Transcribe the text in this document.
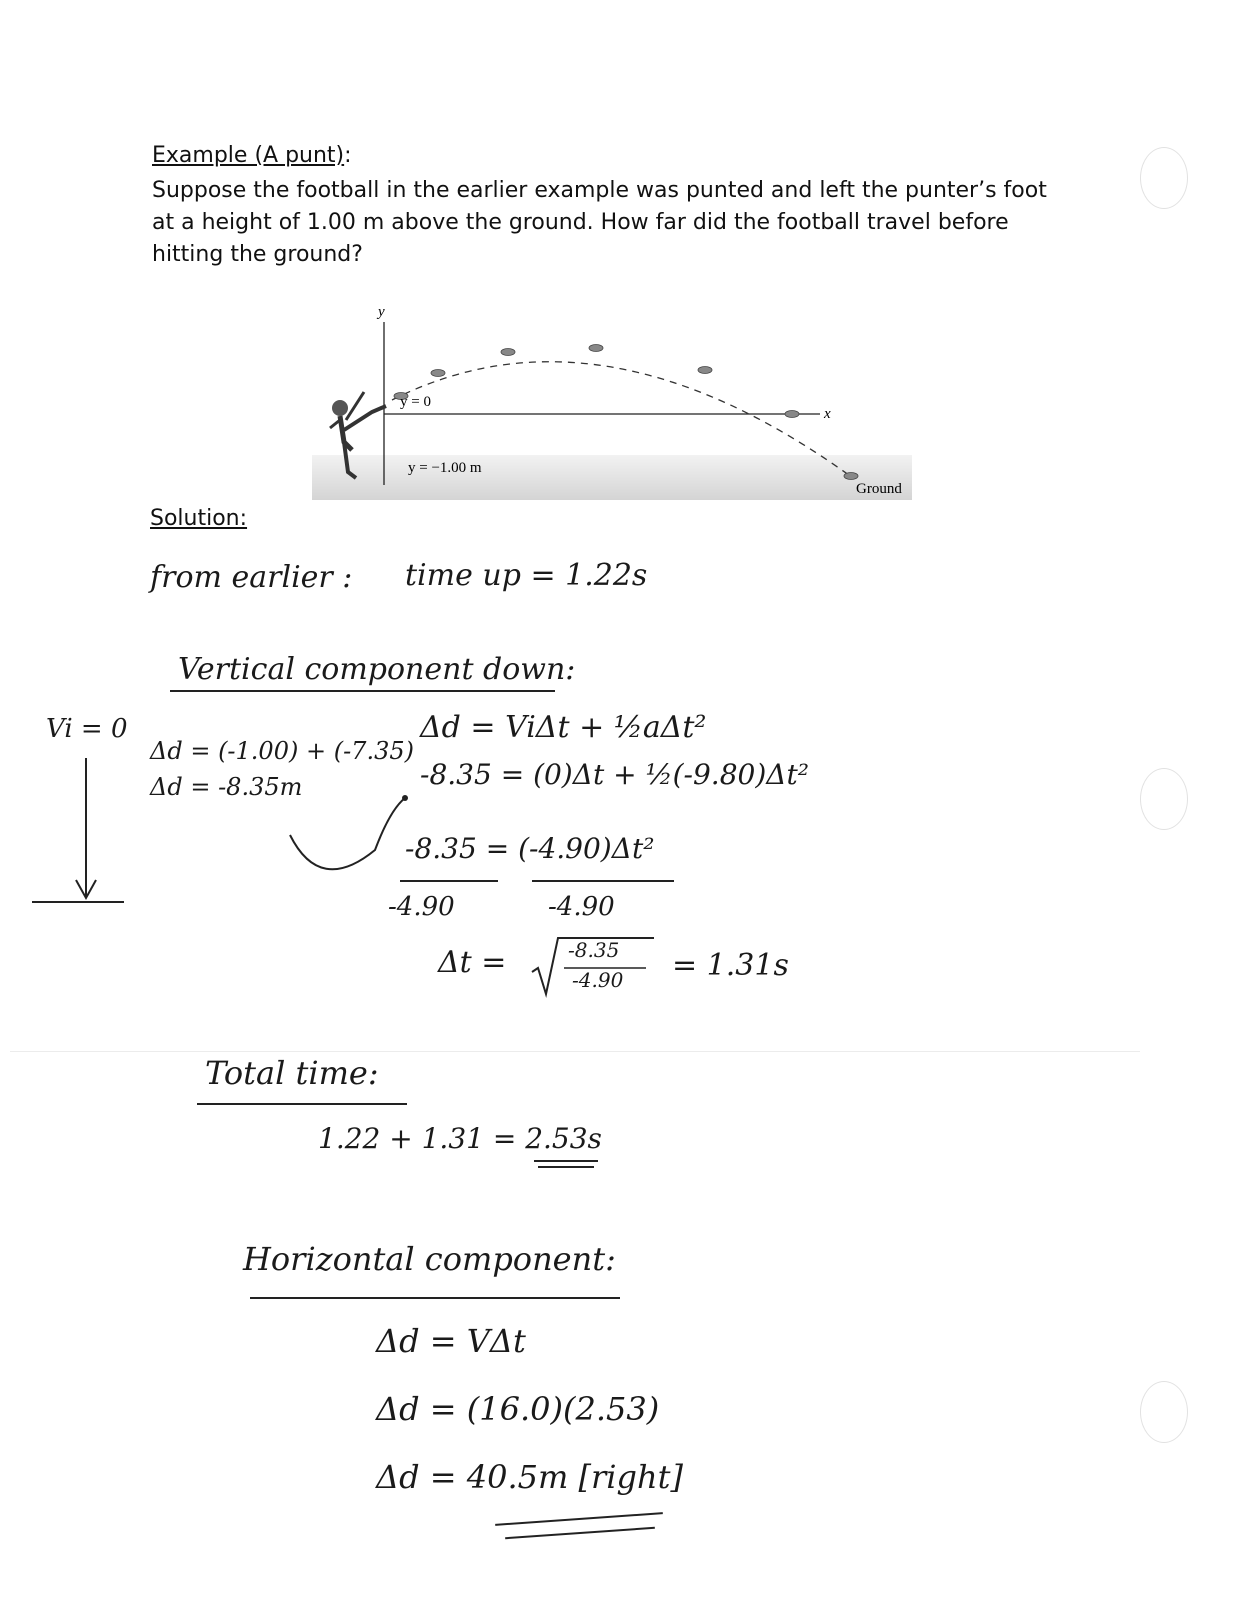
Example (A punt):
Suppose the football in the earlier example was punted and left the punter’s foot
at a height of 1.00 m above the ground. How far did the football travel before
hitting the ground?
y
x
y = 0
y = −1.00 m
Ground
Solution:
from earlier : time up = 1.22s
Vertical component down:
Vi = 0
Δd = (-1.00) + (-7.35)
Δd = -8.35m
Δd = ViΔt + ½aΔt²
-8.35 = (0)Δt + ½(-9.80)Δt²
-8.35 = (-4.90)Δt²
-4.90	-4.90
Δt =	-8.35
-4.90 = 1.31s
Total time:
1.22 + 1.31 = 2.53s
Horizontal component:
Δd = VΔt
Δd = (16.0)(2.53)
Δd = 40.5m [right]
